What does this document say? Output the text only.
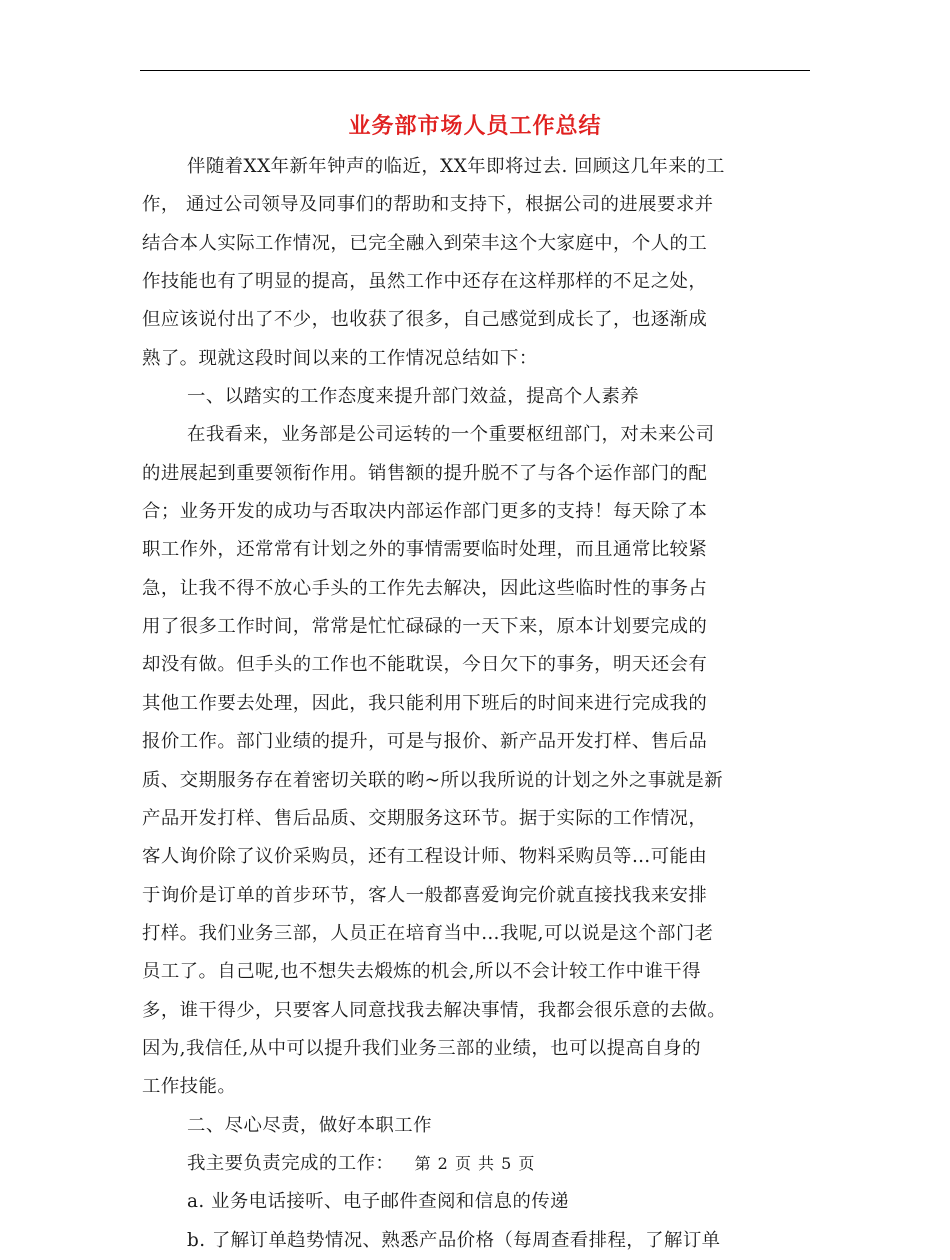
业务部市场人员工作总结
伴随着XX年新年钟声的临近，XX年即将过去. 回顾这几年来的工
作， 通过公司领导及同事们的帮助和支持下，根据公司的进展要求并
结合本人实际工作情况，已完全融入到荣丰这个大家庭中，个人的工
作技能也有了明显的提高，虽然工作中还存在这样那样的不足之处，
但应该说付出了不少，也收获了很多，自己感觉到成长了，也逐渐成
熟了。现就这段时间以来的工作情况总结如下：
一、以踏实的工作态度来提升部门效益，提高个人素养
在我看来，业务部是公司运转的一个重要枢纽部门，对未来公司
的进展起到重要领衔作用。销售额的提升脱不了与各个运作部门的配
合；业务开发的成功与否取决内部运作部门更多的支持！每天除了本
职工作外，还常常有计划之外的事情需要临时处理，而且通常比较紧
急，让我不得不放心手头的工作先去解决，因此这些临时性的事务占
用了很多工作时间，常常是忙忙碌碌的一天下来，原本计划要完成的
却没有做。但手头的工作也不能耽误，今日欠下的事务，明天还会有
其他工作要去处理，因此，我只能利用下班后的时间来进行完成我的
报价工作。部门业绩的提升，可是与报价、新产品开发打样、售后品
质、交期服务存在着密切关联的哟~所以我所说的计划之外之事就是新
产品开发打样、售后品质、交期服务这环节。据于实际的工作情况，
客人询价除了议价采购员，还有工程设计师、物料采购员等…可能由
于询价是订单的首步环节，客人一般都喜爱询完价就直接找我来安排
打样。我们业务三部，人员正在培育当中…我呢,可以说是这个部门老
员工了。自己呢,也不想失去煅炼的机会,所以不会计较工作中谁干得
多，谁干得少，只要客人同意找我去解决事情，我都会很乐意的去做。
因为,我信任,从中可以提升我们业务三部的业绩，也可以提高自身的
工作技能。
二、尽心尽责，做好本职工作
我主要负责完成的工作：
a. 业务电话接听、电子邮件查阅和信息的传递
b. 了解订单趋势情况、熟悉产品价格（每周查看排程，了解订单
第 2 页 共 5 页
